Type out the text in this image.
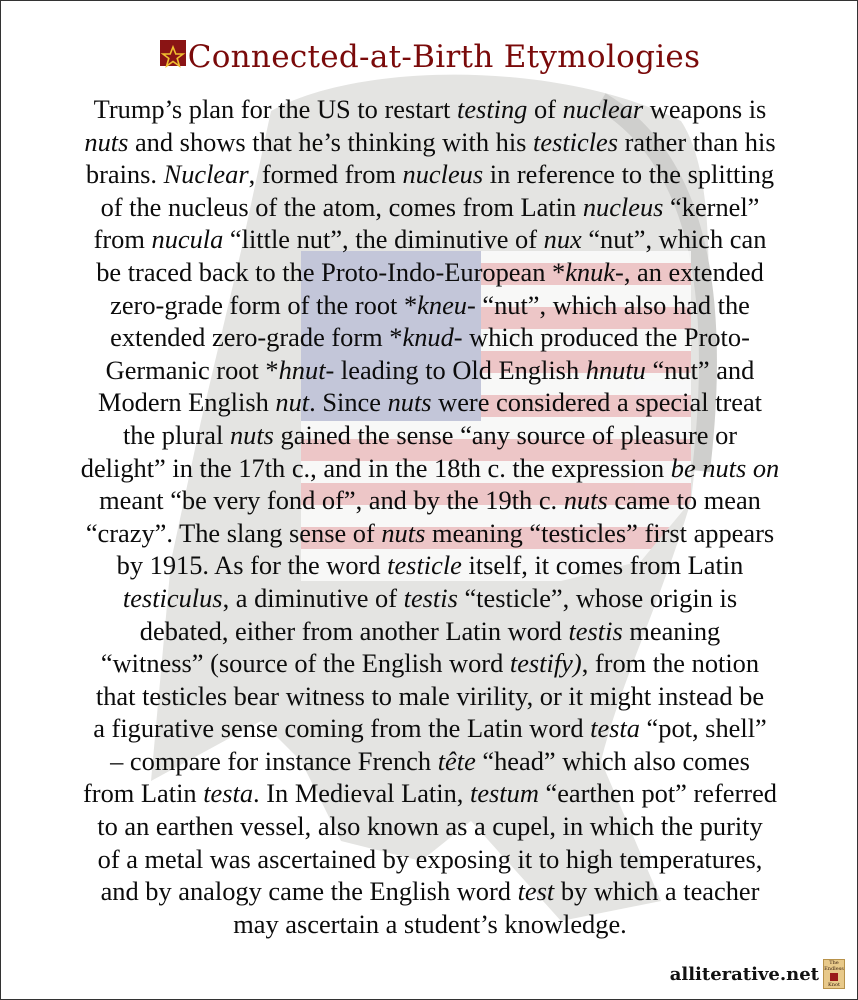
Connected-at-Birth Etymologies
Trump’s plan for the US to restart testing of nuclear weapons is
nuts and shows that he’s thinking with his testicles rather than his
brains. Nuclear, formed from nucleus in reference to the splitting
of the nucleus of the atom, comes from Latin nucleus “kernel”
from nucula “little nut”, the diminutive of nux “nut”, which can
be traced back to the Proto-Indo-European *knuk-, an extended
zero-grade form of the root *kneu- “nut”, which also had the
extended zero-grade form *knud- which produced the Proto-
Germanic root *hnut- leading to Old English hnutu “nut” and
Modern English nut. Since nuts were considered a special treat
the plural nuts gained the sense “any source of pleasure or
delight” in the 17th c., and in the 18th c. the expression be nuts on
meant “be very fond of”, and by the 19th c. nuts came to mean
“crazy”. The slang sense of nuts meaning “testicles” first appears
by 1915. As for the word testicle itself, it comes from Latin
testiculus, a diminutive of testis “testicle”, whose origin is
debated, either from another Latin word testis meaning
“witness” (source of the English word testify), from the notion
that testicles bear witness to male virility, or it might instead be
a figurative sense coming from the Latin word testa “pot, shell”
– compare for instance French tête “head” which also comes
from Latin testa. In Medieval Latin, testum “earthen pot” referred
to an earthen vessel, also known as a cupel, in which the purity
of a metal was ascertained by exposing it to high temperatures,
and by analogy came the English word test by which a teacher
may ascertain a student’s knowledge.
alliterative.net
The
Endless
Knot
